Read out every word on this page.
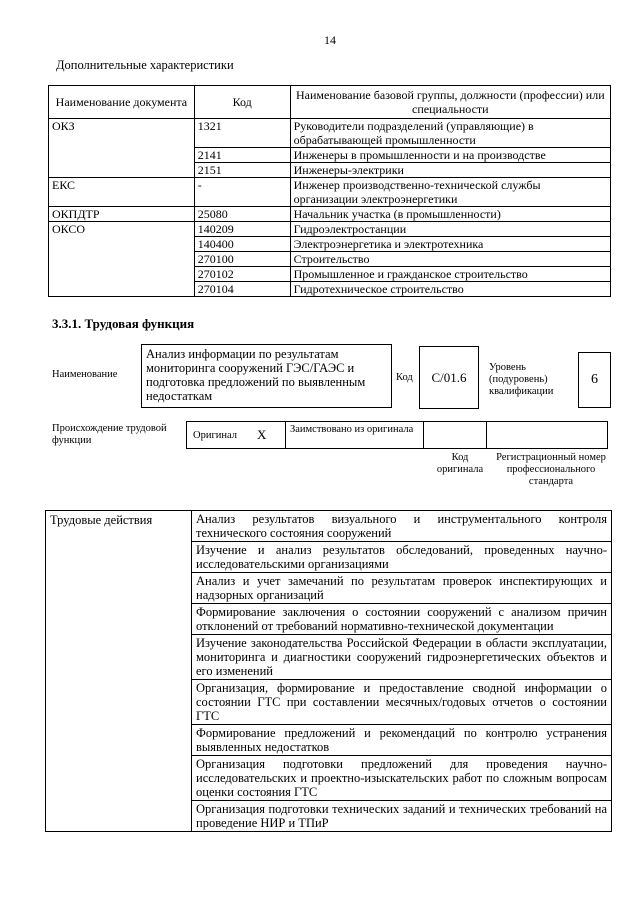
14
Дополнительные характеристики
Наименование документа	Код	Наименование базовой группы, должности (профессии) или специальности
ОКЗ	1321	Руководители подразделений (управляющие) в обрабатывающей промышленности
	2141	Инженеры в промышленности и на производстве
	2151	Инженеры-электрики
ЕКС	-	Инженер производственно-технической службы организации электроэнергетики
ОКПДТР	25080	Начальник участка (в промышленности)
ОКСО	140209	Гидроэлектростанции
	140400	Электроэнергетика и электротехника
	270100	Строительство
	270102	Промышленное и гражданское строительство
	270104	Гидротехническое строительство
3.3.1. Трудовая функция
Наименование
Анализ информации по результатам мониторинга сооружений ГЭС/ГАЭС и подготовка предложений по выявленным недостаткам
Код	C/01.6
Уровень (подуровень) квалификации
6
Происхождение трудовой функции	Оригинал X	Заимствовано из оригинала
Код оригинала
Регистрационный номер профессионального стандарта
Трудовые действия	Анализ результатов визуального и инструментального контроля технического состояния сооружений
Изучение и анализ результатов обследований, проведенных научно-исследовательскими организациями
Анализ и учет замечаний по результатам проверок инспектирующих и надзорных организаций
Формирование заключения о состоянии сооружений с анализом причин отклонений от требований нормативно-технической документации
Изучение законодательства Российской Федерации в области эксплуатации, мониторинга и диагностики сооружений гидроэнергетических объектов и его изменений
Организация, формирование и предоставление сводной информации о состоянии ГТС при составлении месячных/годовых отчетов о состоянии ГТС
Формирование предложений и рекомендаций по контролю устранения выявленных недостатков
Организация подготовки предложений для проведения научно-исследовательских и проектно-изыскательских работ по сложным вопросам оценки состояния ГТС
Организация подготовки технических заданий и технических требований на проведение НИР и ТПиР
